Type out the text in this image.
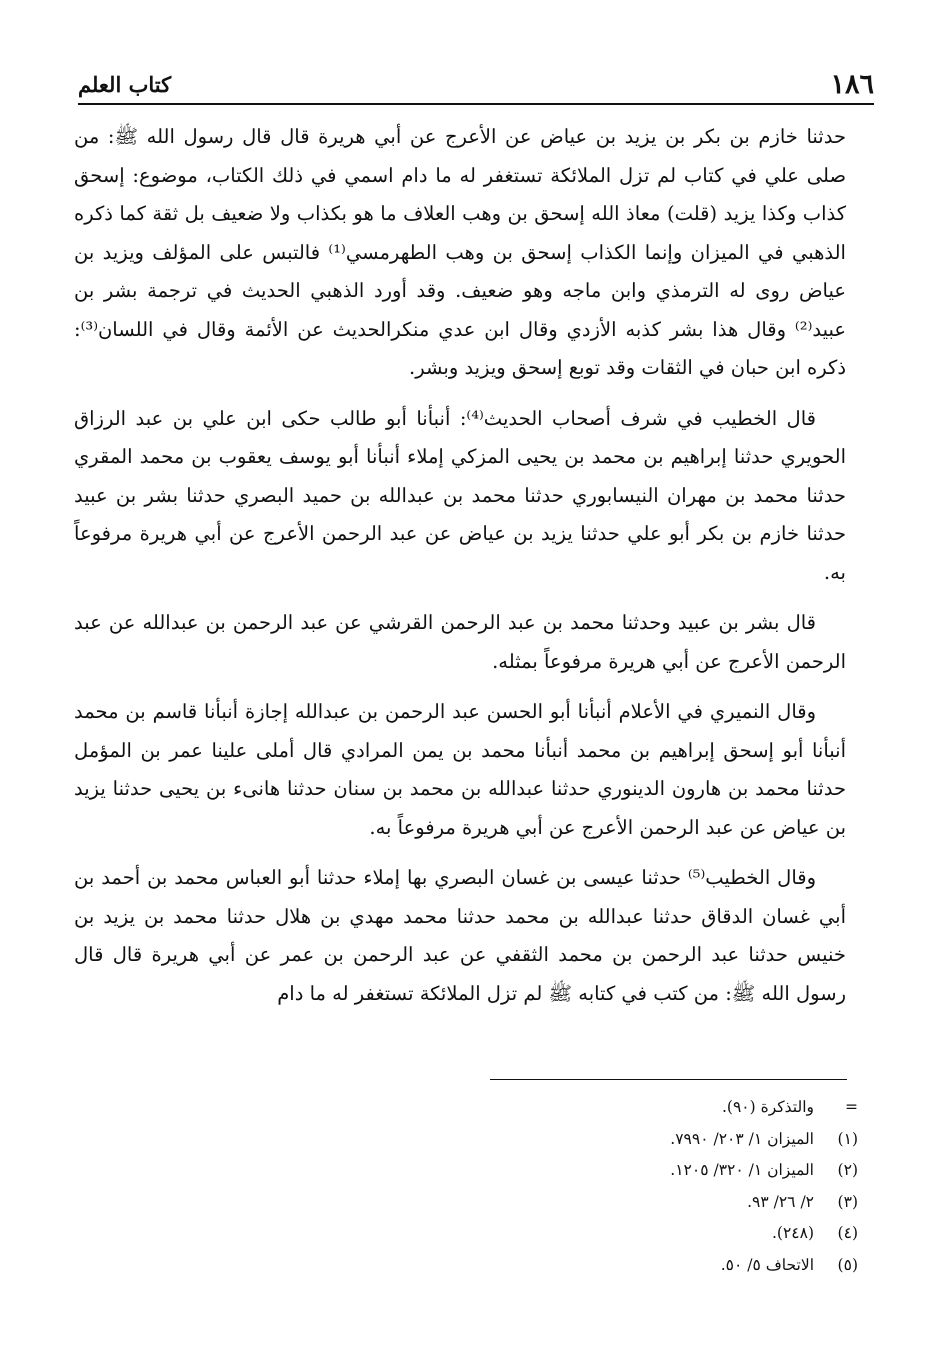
١٨٦
كتاب العلم

حدثنا خازم بن بكر بن يزيد بن عياض عن الأعرج عن أبي هريرة قال قال رسول الله ﷺ: من صلى علي في كتاب لم تزل الملائكة تستغفر له ما دام اسمي في ذلك الكتاب، موضوع: إسحق كذاب وكذا يزيد (قلت) معاذ الله إسحق بن وهب العلاف ما هو بكذاب ولا ضعيف بل ثقة كما ذكره الذهبي في الميزان وإنما الكذاب إسحق بن وهب الطهرمسي⁽¹⁾ فالتبس على المؤلف ويزيد بن عياض روى له الترمذي وابن ماجه وهو ضعيف. وقد أورد الذهبي الحديث في ترجمة بشر بن عبيد⁽²⁾ وقال هذا بشر كذبه الأزدي وقال ابن عدي منكرالحديث عن الأئمة وقال في اللسان⁽³⁾: ذكره ابن حبان في الثقات وقد توبع إسحق ويزيد وبشر.

قال الخطيب في شرف أصحاب الحديث⁽⁴⁾: أنبأنا أبو طالب حكى ابن علي بن عبد الرزاق الحويري حدثنا إبراهيم بن محمد بن يحيى المزكي إملاء أنبأنا أبو يوسف يعقوب بن محمد المقري حدثنا محمد بن مهران النيسابوري حدثنا محمد بن عبدالله بن حميد البصري حدثنا بشر بن عبيد حدثنا خازم بن بكر أبو علي حدثنا يزيد بن عياض عن عبد الرحمن الأعرج عن أبي هريرة مرفوعاً به.

قال بشر بن عبيد وحدثنا محمد بن عبد الرحمن القرشي عن عبد الرحمن بن عبدالله عن عبد الرحمن الأعرج عن أبي هريرة مرفوعاً بمثله.

وقال النميري في الأعلام أنبأنا أبو الحسن عبد الرحمن بن عبدالله إجازة أنبأنا قاسم بن محمد أنبأنا أبو إسحق إبراهيم بن محمد أنبأنا محمد بن يمن المرادي قال أملى علينا عمر بن المؤمل حدثنا محمد بن هارون الدينوري حدثنا عبدالله بن محمد بن سنان حدثنا هانىء بن يحيى حدثنا يزيد بن عياض عن عبد الرحمن الأعرج عن أبي هريرة مرفوعاً به.

وقال الخطيب⁽⁵⁾ حدثنا عيسى بن غسان البصري بها إملاء حدثنا أبو العباس محمد بن أحمد بن أبي غسان الدقاق حدثنا عبدالله بن محمد حدثنا محمد مهدي بن هلال حدثنا محمد بن يزيد بن خنيس حدثنا عبد الرحمن بن محمد الثقفي عن عبد الرحمن بن عمر عن أبي هريرة قال قال رسول الله ﷺ: من كتب في كتابه ﷺ لم تزل الملائكة تستغفر له ما دام

=
والتذكرة (٩٠).
(١)
الميزان ١/ ٢٠٣/ ٧٩٩٠.
(٢)
الميزان ١/ ٣٢٠/ ١٢٠٥.
(٣)
٢/ ٢٦/ ٩٣.
(٤)
(٢٤٨).
(٥)
الاتحاف ٥/ ٥٠.
